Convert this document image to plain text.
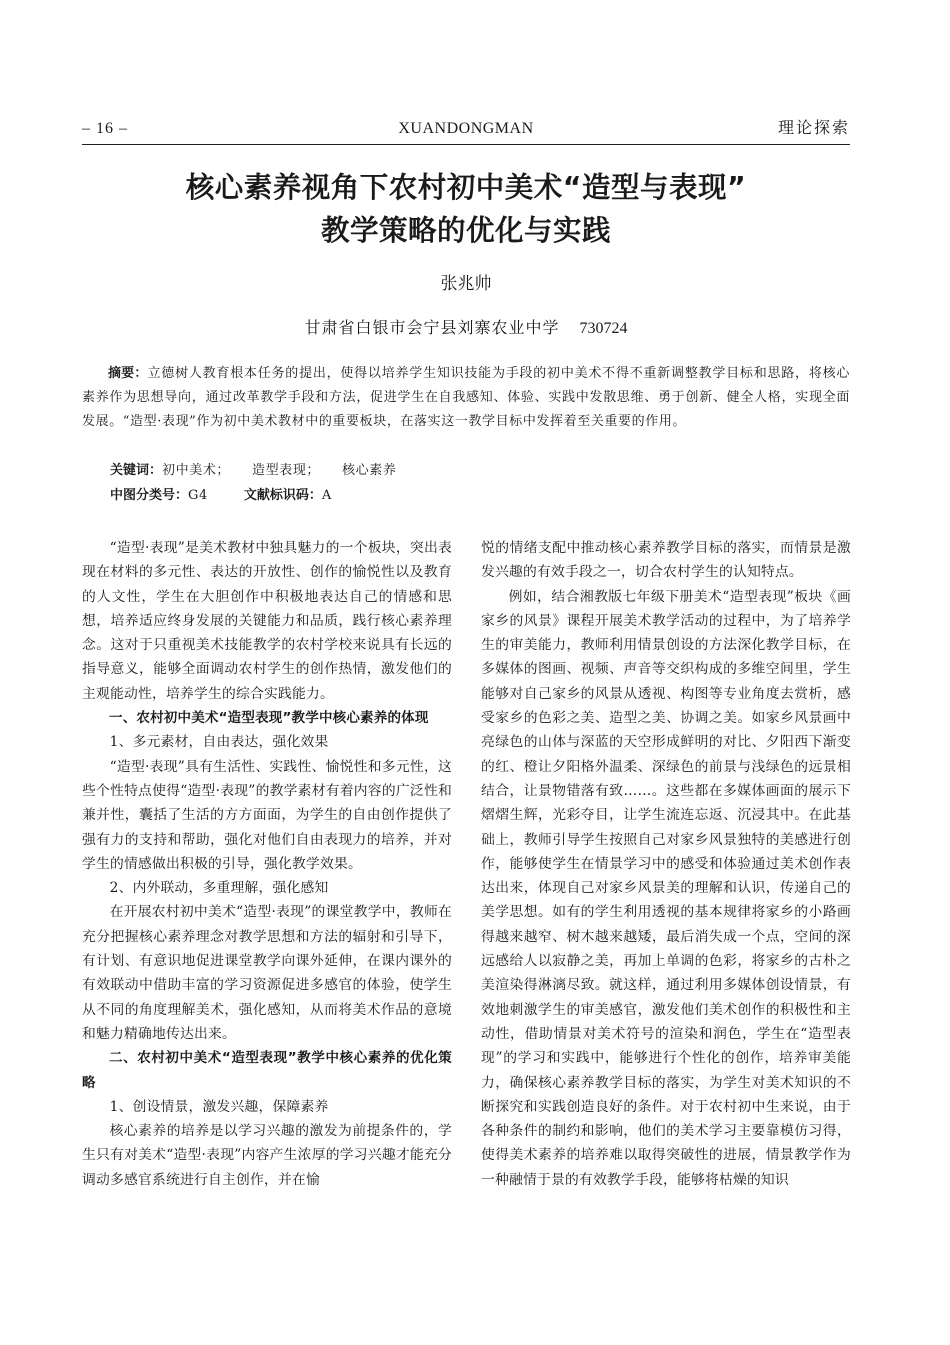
– 16 –	XUANDONGMAN	理论探索
核心素养视角下农村初中美术“造型与表现”
教学策略的优化与实践
张兆帅
甘肃省白银市会宁县刘寨农业中学 730724
摘要：立德树人教育根本任务的提出，使得以培养学生知识技能为手段的初中美术不得不重新调整教学目标和思路，将核心素养作为思想导向，通过改革教学手段和方法，促进学生在自我感知、体验、实践中发散思维、勇于创新、健全人格，实现全面发展。“造型·表现”作为初中美术教材中的重要板块，在落实这一教学目标中发挥着至关重要的作用。
关键词：初中美术； 造型表现； 核心素养
中图分类号：G4	文献标识码：A

“造型·表现”是美术教材中独具魅力的一个板块，突出表现在材料的多元性、表达的开放性、创作的愉悦性以及教育的人文性，学生在大胆创作中积极地表达自己的情感和思想，培养适应终身发展的关键能力和品质，践行核心素养理念。这对于只重视美术技能教学的农村学校来说具有长远的指导意义，能够全面调动农村学生的创作热情，激发他们的主观能动性，培养学生的综合实践能力。

一、农村初中美术“造型表现”教学中核心素养的体现

1、多元素材，自由表达，强化效果

“造型·表现”具有生活性、实践性、愉悦性和多元性，这些个性特点使得“造型·表现”的教学素材有着内容的广泛性和兼并性，囊括了生活的方方面面，为学生的自由创作提供了强有力的支持和帮助，强化对他们自由表现力的培养，并对学生的情感做出积极的引导，强化教学效果。

2、内外联动，多重理解，强化感知

在开展农村初中美术“造型·表现”的课堂教学中，教师在充分把握核心素养理念对教学思想和方法的辐射和引导下，有计划、有意识地促进课堂教学向课外延伸，在课内课外的有效联动中借助丰富的学习资源促进多感官的体验，使学生从不同的角度理解美术，强化感知，从而将美术作品的意境和魅力精确地传达出来。

二、农村初中美术“造型表现”教学中核心素养的优化策略

1、创设情景，激发兴趣，保障素养

核心素养的培养是以学习兴趣的激发为前提条件的，学生只有对美术“造型·表现”内容产生浓厚的学习兴趣才能充分调动多感官系统进行自主创作，并在愉

悦的情绪支配中推动核心素养教学目标的落实，而情景是激发兴趣的有效手段之一，切合农村学生的认知特点。

例如，结合湘教版七年级下册美术“造型表现”板块《画家乡的风景》课程开展美术教学活动的过程中，为了培养学生的审美能力，教师利用情景创设的方法深化教学目标，在多媒体的图画、视频、声音等交织构成的多维空间里，学生能够对自己家乡的风景从透视、构图等专业角度去赏析，感受家乡的色彩之美、造型之美、协调之美。如家乡风景画中亮绿色的山体与深蓝的天空形成鲜明的对比、夕阳西下渐变的红、橙让夕阳格外温柔、深绿色的前景与浅绿色的远景相结合，让景物错落有致……。这些都在多媒体画面的展示下熠熠生辉，光彩夺目，让学生流连忘返、沉浸其中。在此基础上，教师引导学生按照自己对家乡风景独特的美感进行创作，能够使学生在情景学习中的感受和体验通过美术创作表达出来，体现自己对家乡风景美的理解和认识，传递自己的美学思想。如有的学生利用透视的基本规律将家乡的小路画得越来越窄、树木越来越矮，最后消失成一个点，空间的深远感给人以寂静之美，再加上单调的色彩，将家乡的古朴之美渲染得淋漓尽致。就这样，通过利用多媒体创设情景，有效地刺激学生的审美感官，激发他们美术创作的积极性和主动性，借助情景对美术符号的渲染和润色，学生在“造型表现”的学习和实践中，能够进行个性化的创作，培养审美能力，确保核心素养教学目标的落实，为学生对美术知识的不断探究和实践创造良好的条件。对于农村初中生来说，由于各种条件的制约和影响，他们的美术学习主要靠模仿习得，使得美术素养的培养难以取得突破性的进展，情景教学作为一种融情于景的有效教学手段，能够将枯燥的知识
